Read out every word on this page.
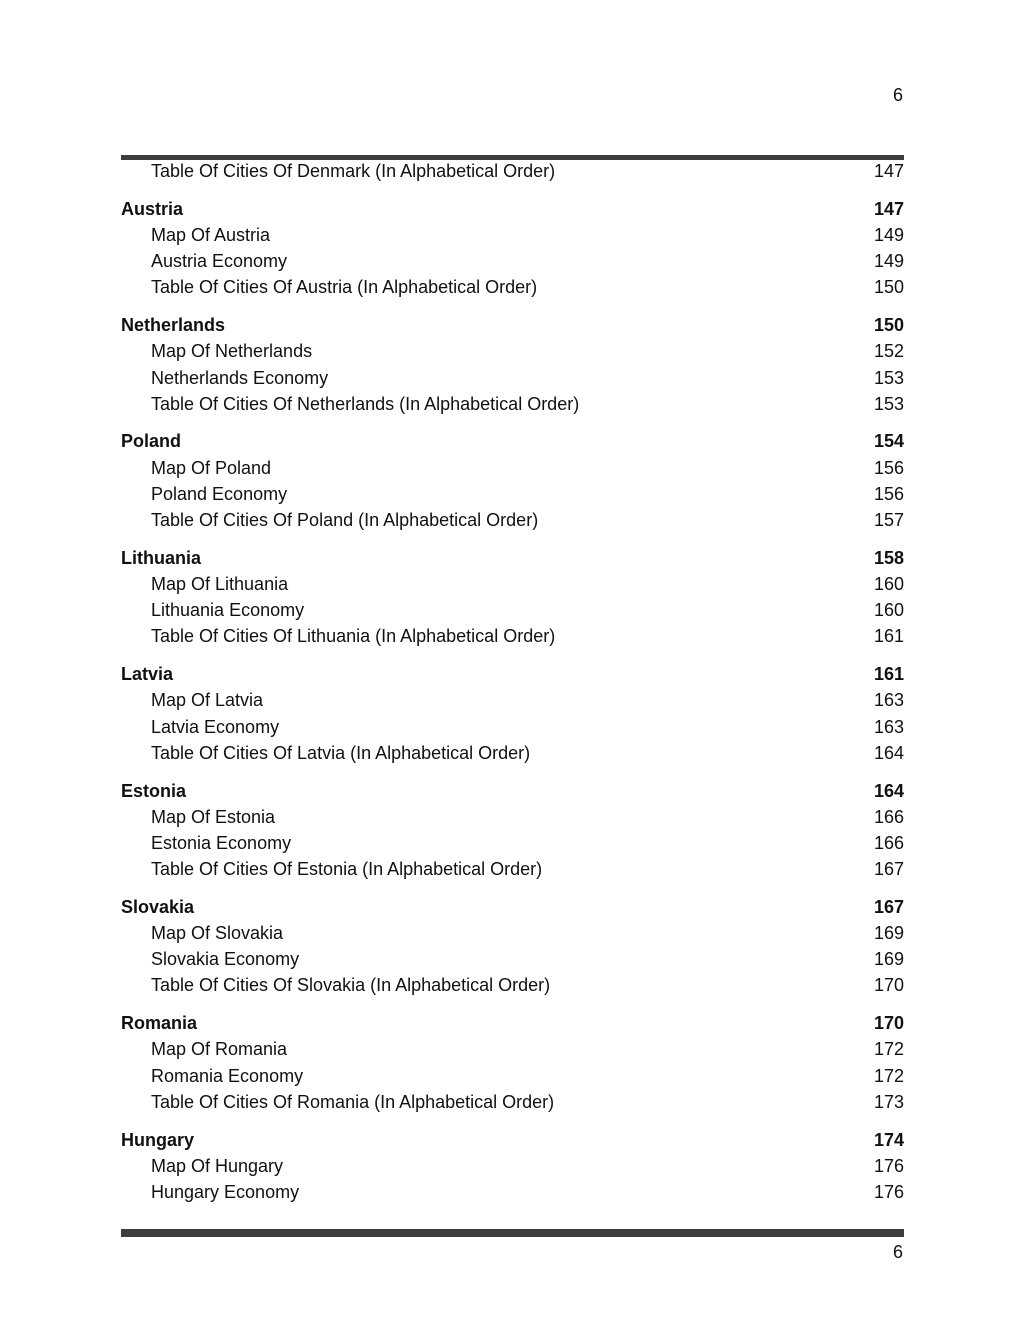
6
Table Of Cities Of Denmark (In Alphabetical Order)	147
Austria	147
Map Of Austria	149
Austria Economy	149
Table Of Cities Of Austria (In Alphabetical Order)	150
Netherlands	150
Map Of Netherlands	152
Netherlands Economy	153
Table Of Cities Of Netherlands (In Alphabetical Order)	153
Poland	154
Map Of Poland	156
Poland Economy	156
Table Of Cities Of Poland (In Alphabetical Order)	157
Lithuania	158
Map Of Lithuania	160
Lithuania Economy	160
Table Of Cities Of Lithuania (In Alphabetical Order)	161
Latvia	161
Map Of Latvia	163
Latvia Economy	163
Table Of Cities Of Latvia (In Alphabetical Order)	164
Estonia	164
Map Of Estonia	166
Estonia Economy	166
Table Of Cities Of Estonia (In Alphabetical Order)	167
Slovakia	167
Map Of Slovakia	169
Slovakia Economy	169
Table Of Cities Of Slovakia (In Alphabetical Order)	170
Romania	170
Map Of Romania	172
Romania Economy	172
Table Of Cities Of Romania (In Alphabetical Order)	173
Hungary	174
Map Of Hungary	176
Hungary Economy	176
6
